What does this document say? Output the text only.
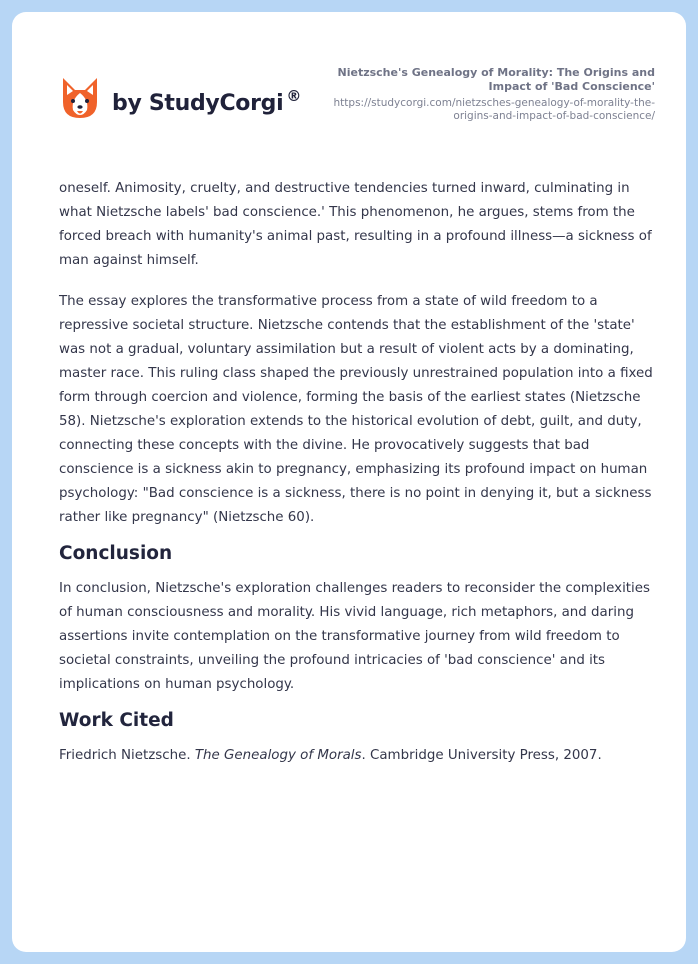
by StudyCorgi ®
Nietzsche's Genealogy of Morality: The Origins and Impact of 'Bad Conscience'
https://studycorgi.com/nietzsches-genealogy-of-morality-the-origins-and-impact-of-bad-conscience/

oneself. Animosity, cruelty, and destructive tendencies turned inward, culminating in what Nietzsche labels' bad conscience.' This phenomenon, he argues, stems from the forced breach with humanity's animal past, resulting in a profound illness—a sickness of man against himself.

The essay explores the transformative process from a state of wild freedom to a repressive societal structure. Nietzsche contends that the establishment of the 'state' was not a gradual, voluntary assimilation but a result of violent acts by a dominating, master race. This ruling class shaped the previously unrestrained population into a fixed form through coercion and violence, forming the basis of the earliest states (Nietzsche 58). Nietzsche's exploration extends to the historical evolution of debt, guilt, and duty, connecting these concepts with the divine. He provocatively suggests that bad conscience is a sickness akin to pregnancy, emphasizing its profound impact on human psychology: "Bad conscience is a sickness, there is no point in denying it, but a sickness rather like pregnancy" (Nietzsche 60).

Conclusion

In conclusion, Nietzsche's exploration challenges readers to reconsider the complexities of human consciousness and morality. His vivid language, rich metaphors, and daring assertions invite contemplation on the transformative journey from wild freedom to societal constraints, unveiling the profound intricacies of 'bad conscience' and its implications on human psychology.

Work Cited

Friedrich Nietzsche. The Genealogy of Morals. Cambridge University Press, 2007.
